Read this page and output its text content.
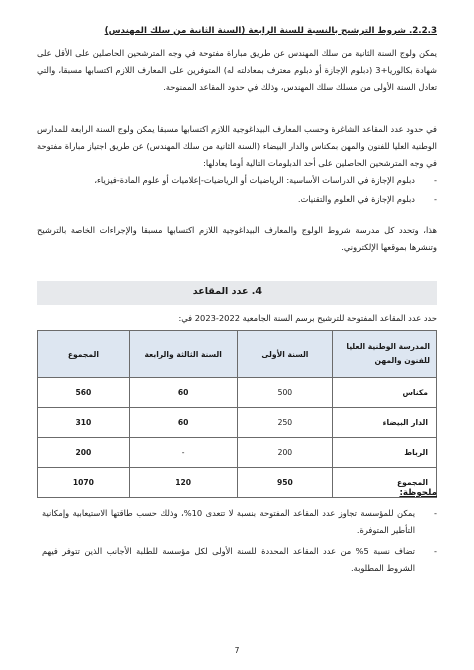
2.2.3. شروط الترشيح بالنسبة للسنة الرابعة (السنة الثانية من سلك المهندس)

يمكن ولوج السنة الثانية من سلك المهندس عن طريق مباراة مفتوحة في وجه المترشحين الحاصلين على الأقل على شهادة بكالوريا+3 (دبلوم الإجازة أو دبلوم معترف بمعادلته له) المتوفرين على المعارف اللازم اكتسابها مسبقا، والتي تعادل السنة الأولى من مسلك سلك المهندس، وذلك في حدود المقاعد الممنوحة.

في حدود عدد المقاعد الشاغرة وحسب المعارف البيداغوجية اللازم اكتسابها مسبقا يمكن ولوج السنة الرابعة للمدارس الوطنية العليا للفنون والمهن بمكناس والدار البيضاء (السنة الثانية من سلك المهندس) عن طريق اجتياز مباراة مفتوحة في وجه المترشحين الحاصلين على أحد الدبلومات التالية أوما يعادلها:

-
دبلوم الإجازة في الدراسات الأساسية: الرياضيات أو الرياضيات-إعلاميات أو علوم المادة-فيزياء،
-
دبلوم الإجازة في العلوم والتقنيات.

هذا، وتحدد كل مدرسة شروط الولوج والمعارف البيداغوجية اللازم اكتسابها مسبقا والإجراءات الخاصة بالترشيح وتنشرها بموقعها الإلكتروني.

4. عدد المقاعد
حدد عدد المقاعد المفتوحة للترشيح برسم السنة الجامعية 2022-2023 في:
المدرسة الوطنية العليا للفنون والمهن	السنة الأولى	السنة الثالثة والرابعة	المجموع
مكناس	500	60	560
الدار البيضاء	250	60	310
الرباط	200	-	200
المجموع	950	120	1070
ملحوظة:
-
يمكن للمؤسسة تجاوز عدد المقاعد المفتوحة بنسبة لا تتعدى 10%، وذلك حسب طاقتها الاستيعابية وإمكانية التأطير المتوفرة.
-
تضاف نسبة 5% من عدد المقاعد المحددة للسنة الأولى لكل مؤسسة للطلبة الأجانب الذين تتوفر فيهم الشروط المطلوبة.
7
